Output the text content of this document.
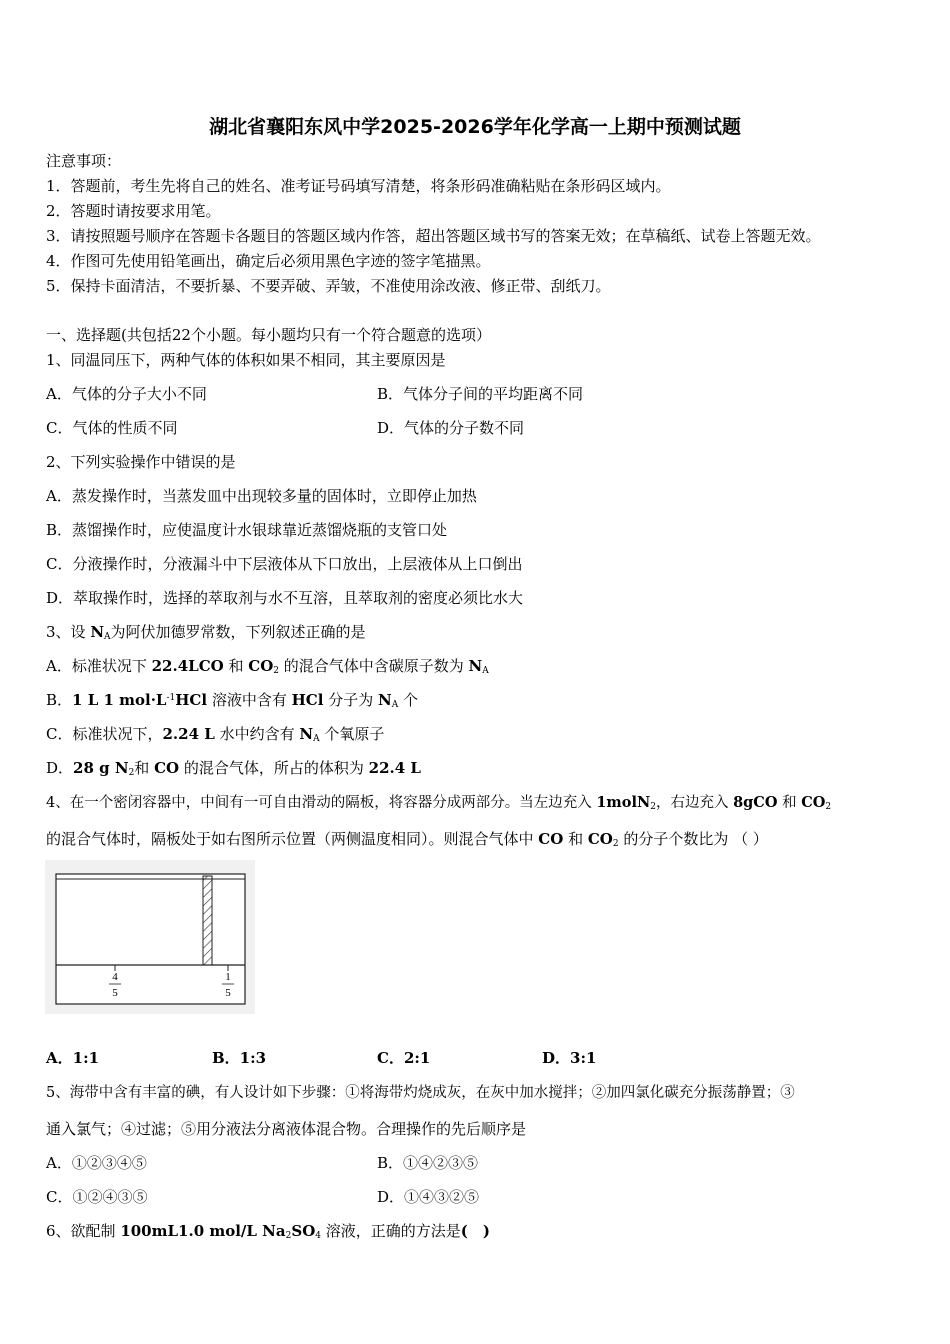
湖北省襄阳东风中学2025-2026学年化学高一上期中预测试题
注意事项：
1．答题前，考生先将自己的姓名、准考证号码填写清楚，将条形码准确粘贴在条形码区域内。
2．答题时请按要求用笔。
3．请按照题号顺序在答题卡各题目的答题区域内作答，超出答题区域书写的答案无效；在草稿纸、试卷上答题无效。
4．作图可先使用铅笔画出，确定后必须用黑色字迹的签字笔描黑。
5．保持卡面清洁，不要折暴、不要弄破、弄皱，不准使用涂改液、修正带、刮纸刀。
一、选择题(共包括22个小题。每小题均只有一个符合题意的选项）
1、同温同压下，两种气体的体积如果不相同，其主要原因是
A．气体的分子大小不同	B．气体分子间的平均距离不同
C．气体的性质不同	D．气体的分子数不同
2、下列实验操作中错误的是
A．蒸发操作时，当蒸发皿中出现较多量的固体时，立即停止加热
B．蒸馏操作时，应使温度计水银球靠近蒸馏烧瓶的支管口处
C．分液操作时，分液漏斗中下层液体从下口放出，上层液体从上口倒出
D．萃取操作时，选择的萃取剂与水不互溶，且萃取剂的密度必须比水大
3、设 $N_A$为阿伏加德罗常数，下列叙述正确的是
A．标准状况下 22.4LCO 和 $CO_2$ 的混合气体中含碳原子数为 $N_A$
B．1 L 1 $mol\cdot L^{-1}HCl$ 溶液中含有 HCl 分子为 $N_A$ 个
C．标准状况下，2.24 L 水中约含有 $N_A$ 个氧原子
D．28 g $N_2$和 CO 的混合气体，所占的体积为 22.4 L
4、在一个密闭容器中，中间有一可自由滑动的隔板，将容器分成两部分。当左边充入 1molN$_2$，右边充入 8gCO 和 $CO_2$
的混合气体时，隔板处于如右图所示位置（两侧温度相同）。则混合气体中 CO 和 $CO_2$ 的分子个数比为 （ ）
4
5
1
5
A．1:1	B．1:3	C．2:1	D．3:1
5、海带中含有丰富的碘，有人设计如下步骤：①将海带灼烧成灰，在灰中加水搅拌；②加四氯化碳充分振荡静置；③
通入氯气；④过滤；⑤用分液法分离液体混合物。合理操作的先后顺序是
A．①②③④⑤	B．①④②③⑤
C．①②④③⑤	D．①④③②⑤
6、欲配制 100mL1.0 mol/L $Na_2SO_4$ 溶液，正确的方法是(　)
